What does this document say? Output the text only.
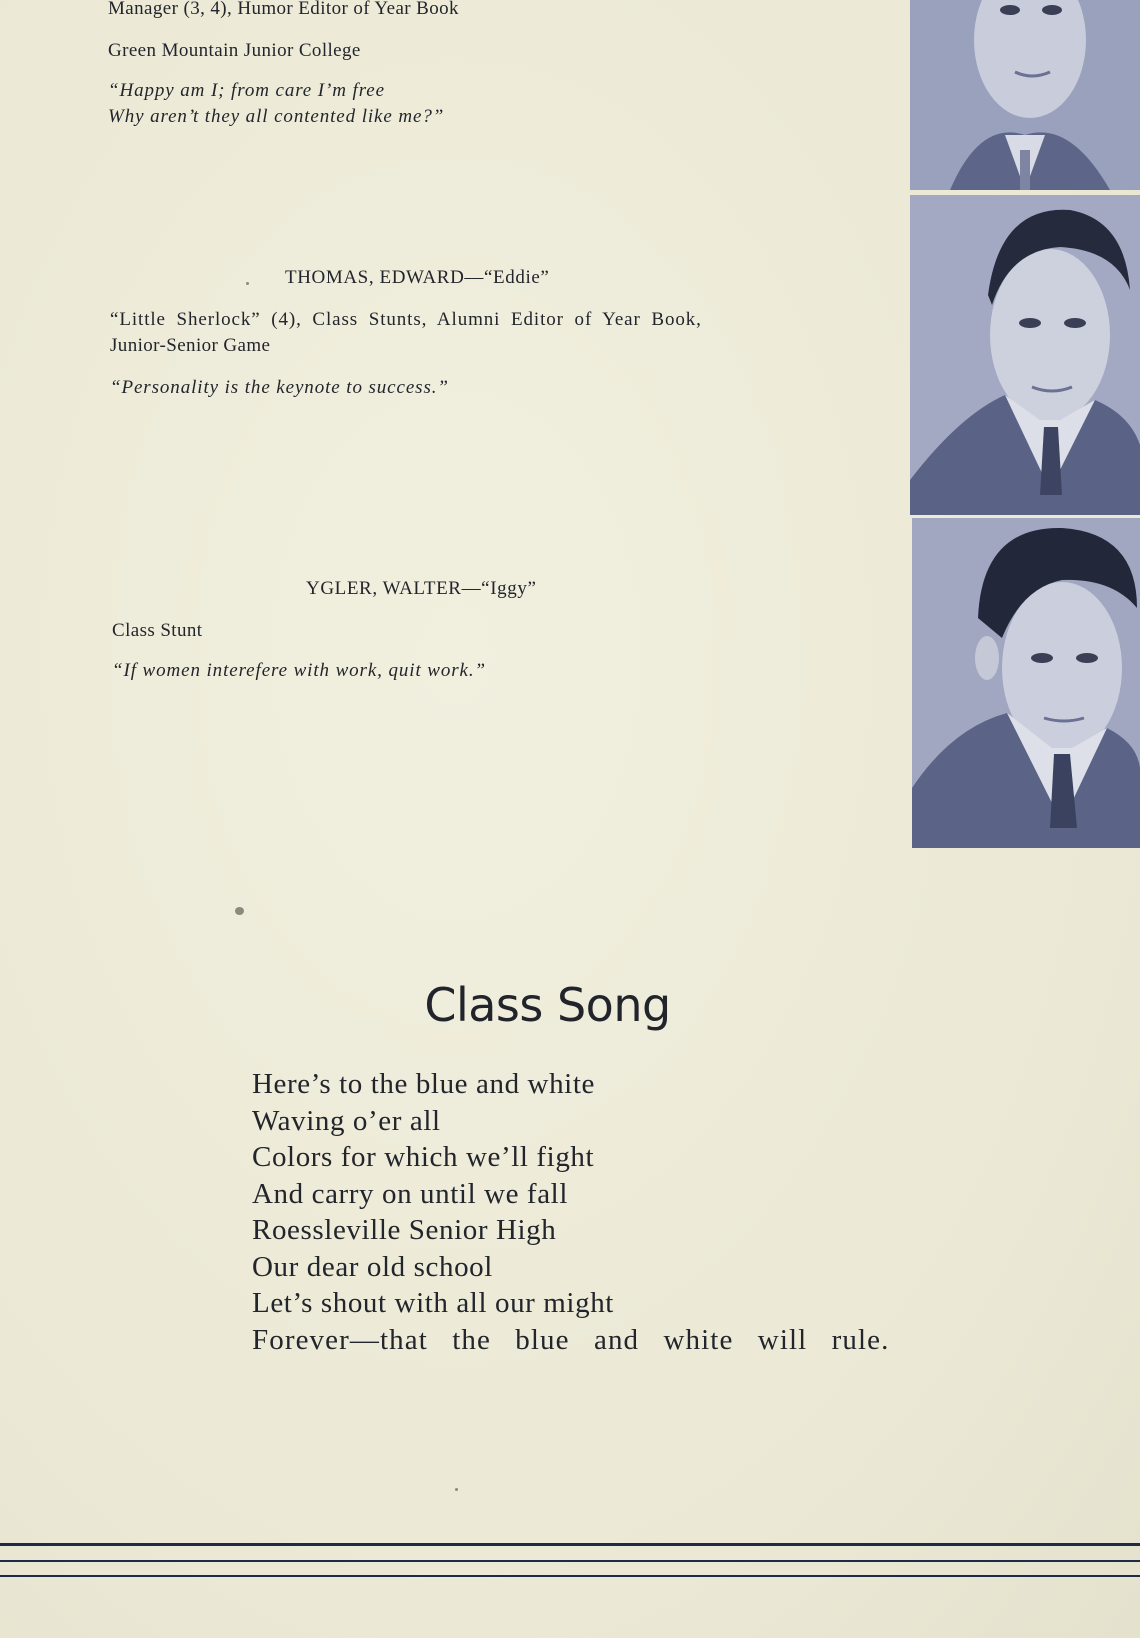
Manager (3, 4), Humor Editor of Year Book
Green Mountain Junior College
“Happy am I; from care I’m free
Why aren’t they all contented like me?”
THOMAS, EDWARD—“Eddie”
“Little Sherlock” (4), Class Stunts, Alumni Editor of Year Book,
Junior-Senior Game
“Personality is the keynote to success.”
YGLER, WALTER—“Iggy”
Class Stunt
“If women interefere with work, quit work.”
Class Song
Here’s to the blue and white
Waving o’er all
Colors for which we’ll fight
And carry on until we fall
Roessleville Senior High
Our dear old school
Let’s shout with all our might
Forever—that the blue and white will rule.
